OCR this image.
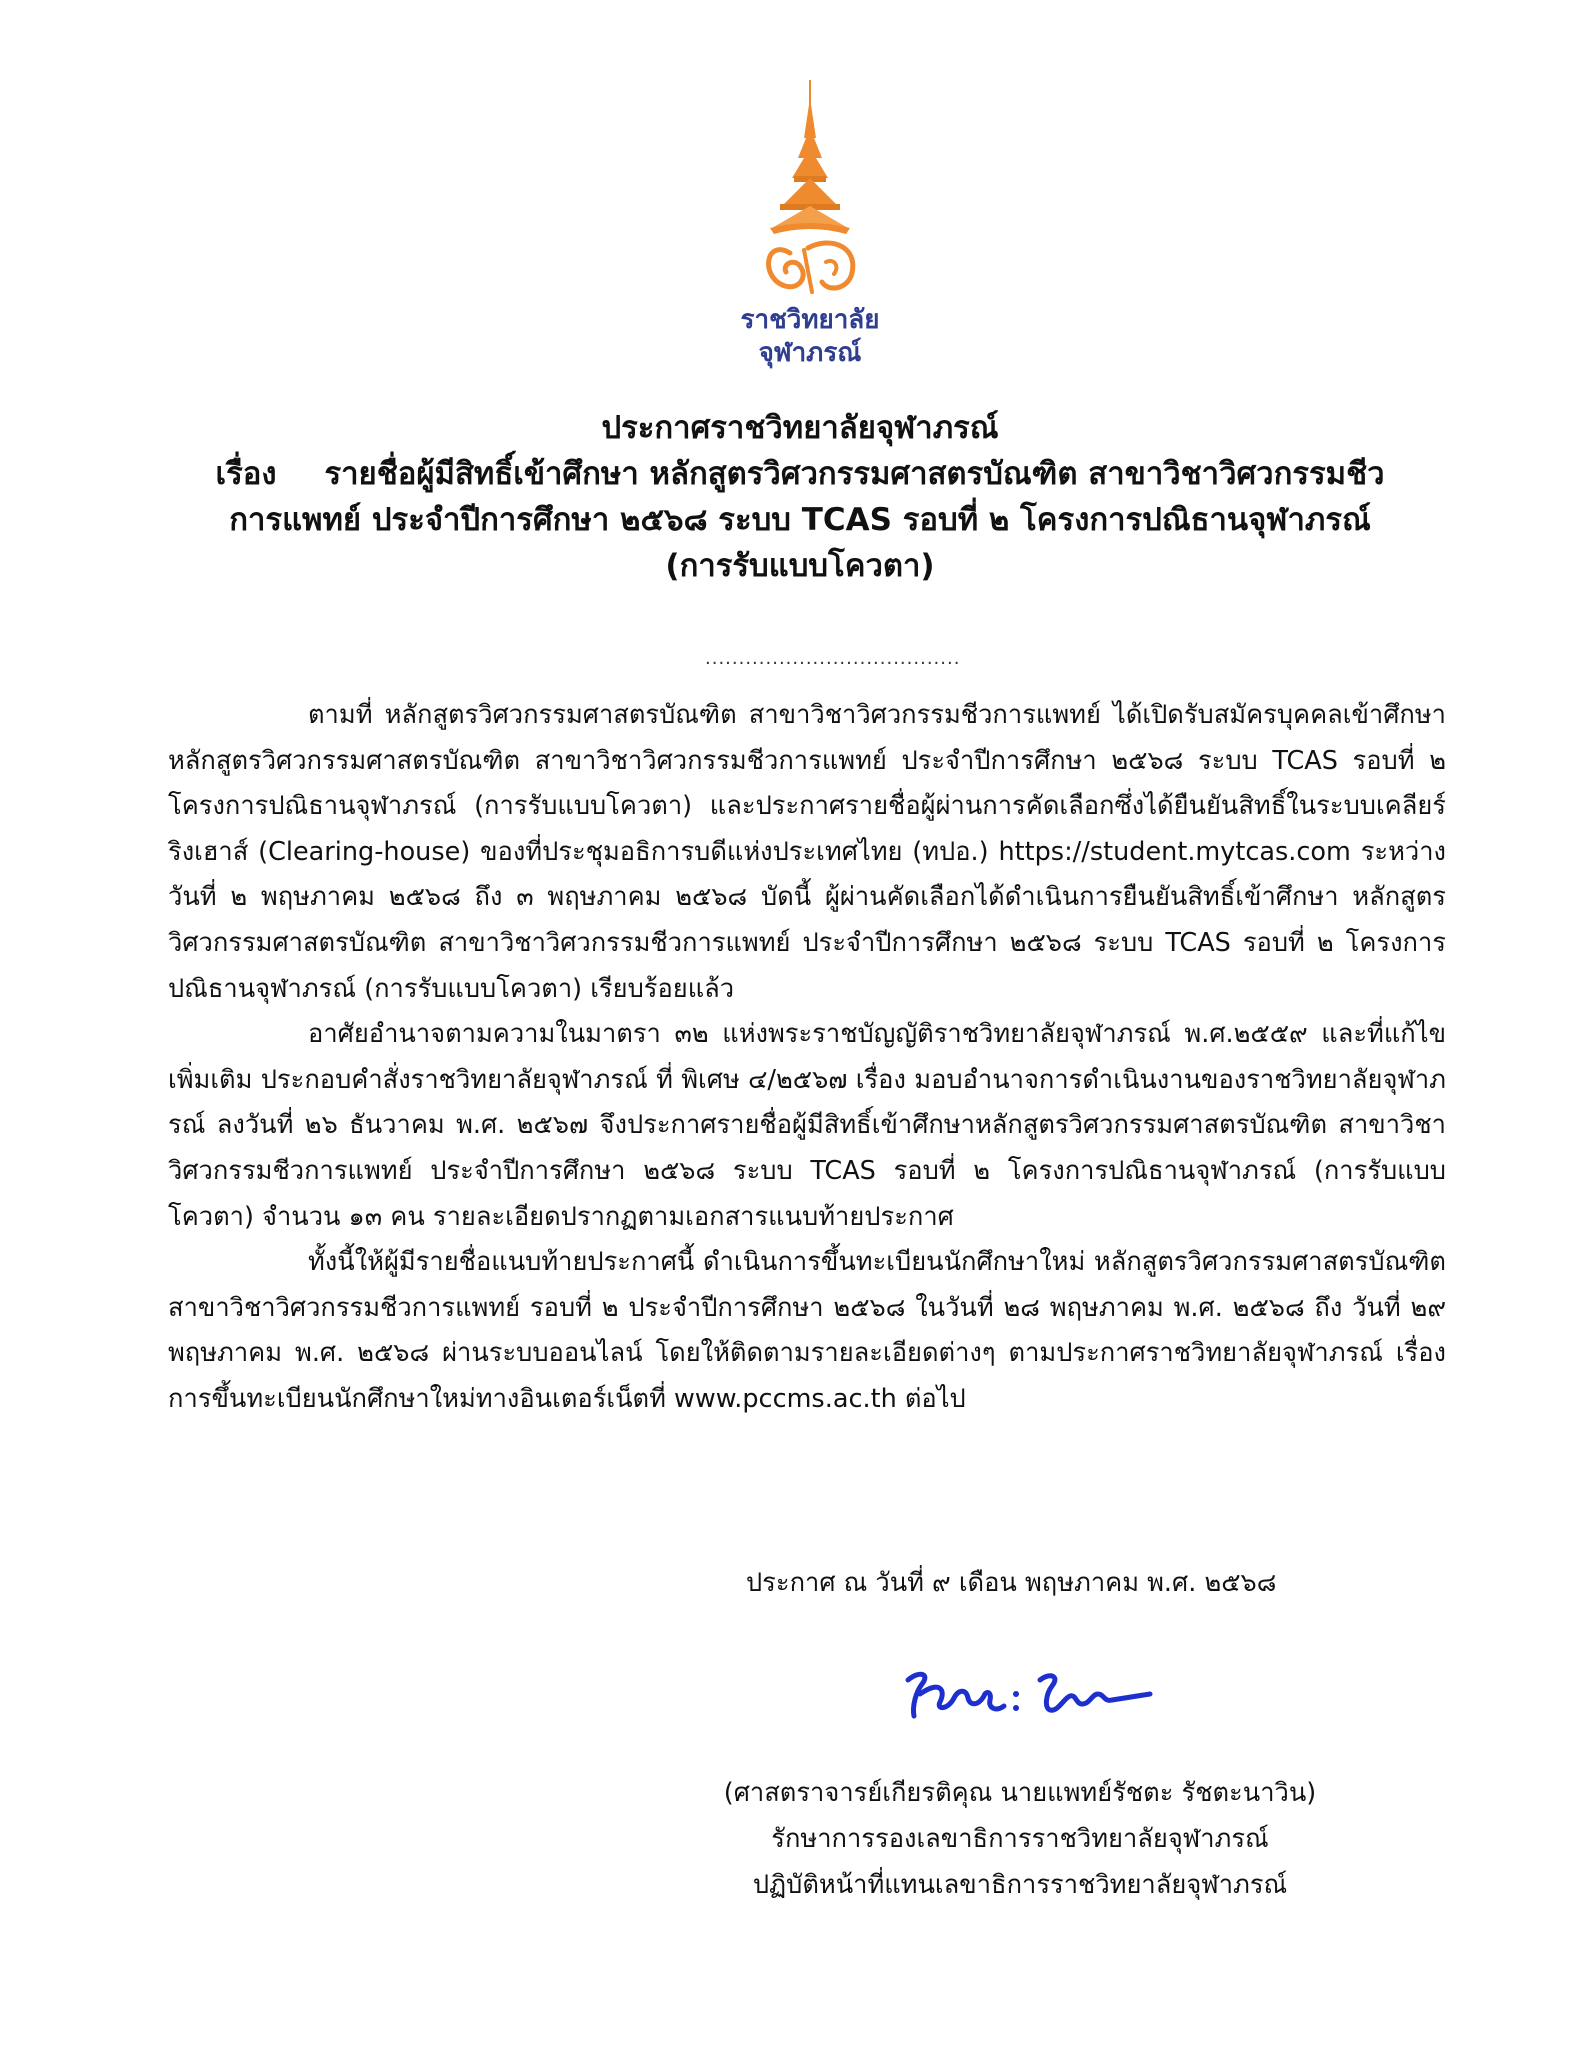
ราชวิทยาลัย
จุฬาภรณ์
ประกาศราชวิทยาลัยจุฬาภรณ์
เรื่อง รายชื่อผู้มีสิทธิ์เข้าศึกษา หลักสูตรวิศวกรรมศาสตรบัณฑิต สาขาวิชาวิศวกรรมชีว
การแพทย์ ประจำปีการศึกษา ๒๕๖๘ ระบบ TCAS รอบที่ ๒ โครงการปณิธานจุฬาภรณ์
(การรับแบบโควตา)
......................................

ตามที่ หลักสูตรวิศวกรรมศาสตรบัณฑิต สาขาวิชาวิศวกรรมชีวการแพทย์ ได้เปิดรับสมัครบุคคลเข้าศึกษา หลักสูตรวิศวกรรมศาสตรบัณฑิต สาขาวิชาวิศวกรรมชีวการแพทย์ ประจำปีการศึกษา ๒๕๖๘ ระบบ TCAS รอบที่ ๒ โครงการปณิธานจุฬาภรณ์ (การรับแบบโควตา) และประกาศรายชื่อผู้ผ่านการคัดเลือกซึ่งได้ยืนยันสิทธิ์ในระบบเคลียร์ริงเฮาส์ (Clearing-house) ของที่ประชุมอธิการบดีแห่งประเทศไทย (ทปอ.) https://student.mytcas.com ระหว่างวันที่ ๒ พฤษภาคม ๒๕๖๘ ถึง ๓ พฤษภาคม ๒๕๖๘ บัดนี้ ผู้ผ่านคัดเลือกได้ดำเนินการยืนยันสิทธิ์เข้าศึกษา หลักสูตรวิศวกรรมศาสตรบัณฑิต สาขาวิชาวิศวกรรมชีวการแพทย์ ประจำปีการศึกษา ๒๕๖๘ ระบบ TCAS รอบที่ ๒ โครงการปณิธานจุฬาภรณ์ (การรับแบบโควตา) เรียบร้อยแล้ว

อาศัยอำนาจตามความในมาตรา ๓๒ แห่งพระราชบัญญัติราชวิทยาลัยจุฬาภรณ์ พ.ศ.๒๕๕๙ และที่แก้ไขเพิ่มเติม ประกอบคำสั่งราชวิทยาลัยจุฬาภรณ์ ที่ พิเศษ ๔/๒๕๖๗ เรื่อง มอบอำนาจการดำเนินงานของราชวิทยาลัยจุฬาภรณ์ ลงวันที่ ๒๖ ธันวาคม พ.ศ. ๒๕๖๗ จึงประกาศรายชื่อผู้มีสิทธิ์เข้าศึกษาหลักสูตรวิศวกรรมศาสตรบัณฑิต สาขาวิชาวิศวกรรมชีวการแพทย์ ประจำปีการศึกษา ๒๕๖๘ ระบบ TCAS รอบที่ ๒ โครงการปณิธานจุฬาภรณ์ (การรับแบบโควตา) จำนวน ๑๓ คน รายละเอียดปรากฏตามเอกสารแนบท้ายประกาศ

ทั้งนี้ให้ผู้มีรายชื่อแนบท้ายประกาศนี้ ดำเนินการขึ้นทะเบียนนักศึกษาใหม่ หลักสูตรวิศวกรรมศาสตรบัณฑิต สาขาวิชาวิศวกรรมชีวการแพทย์ รอบที่ ๒ ประจำปีการศึกษา ๒๕๖๘ ในวันที่ ๒๘ พฤษภาคม พ.ศ. ๒๕๖๘ ถึง วันที่ ๒๙ พฤษภาคม พ.ศ. ๒๕๖๘ ผ่านระบบออนไลน์ โดยให้ติดตามรายละเอียดต่างๆ ตามประกาศราชวิทยาลัยจุฬาภรณ์ เรื่องการขึ้นทะเบียนนักศึกษาใหม่ทางอินเตอร์เน็ตที่ www.pccms.ac.th ต่อไป

ประกาศ ณ วันที่ ๙ เดือน พฤษภาคม พ.ศ. ๒๕๖๘
(ศาสตราจารย์เกียรติคุณ นายแพทย์รัชตะ รัชตะนาวิน)
รักษาการรองเลขาธิการราชวิทยาลัยจุฬาภรณ์
ปฏิบัติหน้าที่แทนเลขาธิการราชวิทยาลัยจุฬาภรณ์
